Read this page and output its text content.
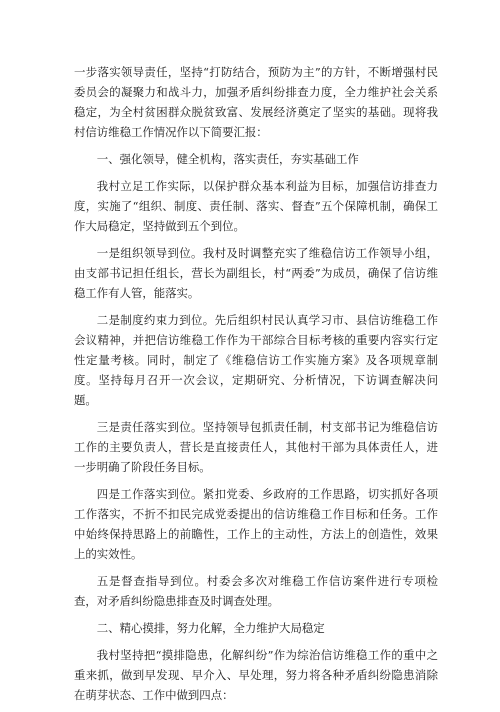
一步落实领导责任，坚持“打防结合，预防为主”的方针，不断增强村民委员会的凝聚力和战斗力，加强矛盾纠纷排查力度，全力维护社会关系稳定，为全村贫困群众脱贫致富、发展经济奠定了坚实的基础。现将我村信访维稳工作情况作以下简要汇报：

一、强化领导，健全机构，落实责任，夯实基础工作

我村立足工作实际，以保护群众基本利益为目标，加强信访排查力度，实施了“组织、制度、责任制、落实、督查”五个保障机制，确保工作大局稳定，坚持做到五个到位。

一是组织领导到位。我村及时调整充实了维稳信访工作领导小组，由支部书记担任组长，营长为副组长，村“两委”为成员，确保了信访维稳工作有人管，能落实。

二是制度约束力到位。先后组织村民认真学习市、县信访维稳工作会议精神，并把信访维稳工作作为干部综合目标考核的重要内容实行定性定量考核。同时，制定了《维稳信访工作实施方案》及各项规章制度。坚持每月召开一次会议，定期研究、分析情况，下访调查解决问题。

三是责任落实到位。坚持领导包抓责任制，村支部书记为维稳信访工作的主要负责人，营长是直接责任人，其他村干部为具体责任人，进一步明确了阶段任务目标。

四是工作落实到位。紧扣党委、乡政府的工作思路，切实抓好各项工作落实，不折不扣民完成党委提出的信访维稳工作目标和任务。工作中始终保持思路上的前瞻性，工作上的主动性，方法上的创造性，效果上的实效性。

五是督查指导到位。村委会多次对维稳工作信访案件进行专项检查，对矛盾纠纷隐患排查及时调查处理。

二、精心摸排，努力化解，全力维护大局稳定

我村坚持把“摸排隐患，化解纠纷”作为综治信访维稳工作的重中之重来抓，做到早发现、早介入、早处理，努力将各种矛盾纠纷隐患消除在萌芽状态、工作中做到四点：
